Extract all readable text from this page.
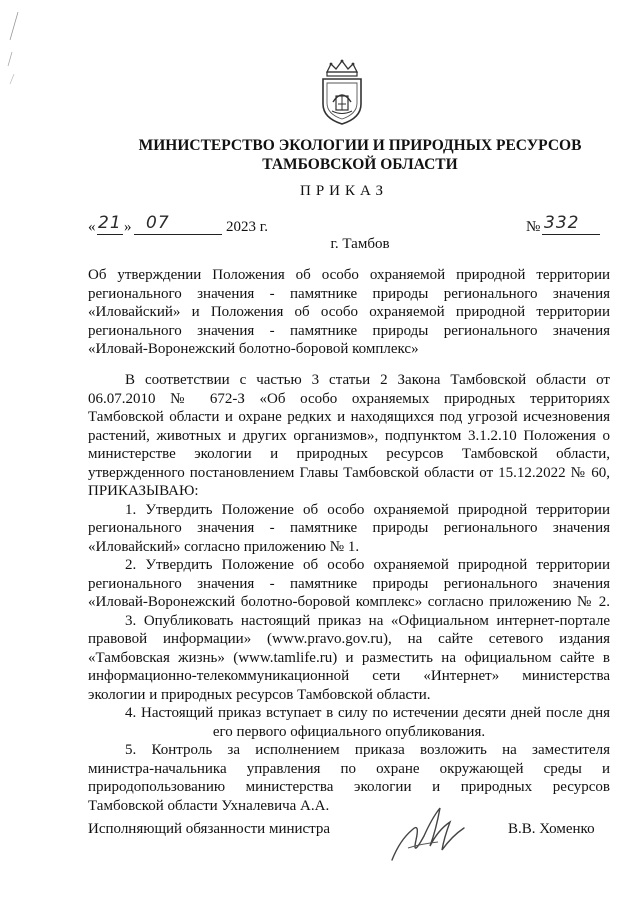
МИНИСТЕРСТВО ЭКОЛОГИИ И ПРИРОДНЫХ РЕСУРСОВ
ТАМБОВСКОЙ ОБЛАСТИ
ПРИКАЗ
« 21 » 07	2023 г.	№ 332
г. Тамбов
Об утверждении Положения об особо охраняемой природной территории
регионального значения - памятнике природы регионального значения
«Иловайский» и Положения об особо охраняемой природной территории
регионального значения - памятнике природы регионального значения
«Иловай-Воронежский болотно-боровой комплекс»
В соответствии с частью 3 статьи 2 Закона Тамбовской области от
06.07.2010 № 672-З «Об особо охраняемых природных территориях
Тамбовской области и охране редких и находящихся под угрозой исчезновения
растений, животных и других организмов», подпунктом 3.1.2.10 Положения о
министерстве экологии и природных ресурсов Тамбовской области,
утвержденного постановлением Главы Тамбовской области от 15.12.2022 № 60,
ПРИКАЗЫВАЮ:
1. Утвердить Положение об особо охраняемой природной территории
регионального значения - памятнике природы регионального значения
«Иловайский» согласно приложению № 1.
2. Утвердить Положение об особо охраняемой природной территории
регионального значения - памятнике природы регионального значения
«Иловай-Воронежский болотно-боровой комплекс» согласно приложению № 2.
3. Опубликовать настоящий приказ на «Официальном интернет-портале
правовой информации» (www.pravo.gov.ru), на сайте сетевого издания
«Тамбовская жизнь» (www.tamlife.ru) и разместить на официальном сайте в
информационно-телекоммуникационной сети «Интернет» министерства
экологии и природных ресурсов Тамбовской области.
4. Настоящий приказ вступает в силу по истечении десяти дней после дня
его первого официального опубликования.
5. Контроль за исполнением приказа возложить на заместителя
министра-начальника управления по охране окружающей среды и
природопользованию министерства экологии и природных ресурсов
Тамбовской области Ухналевича А.А.
Исполняющий обязанности министра	В.В. Хоменко
